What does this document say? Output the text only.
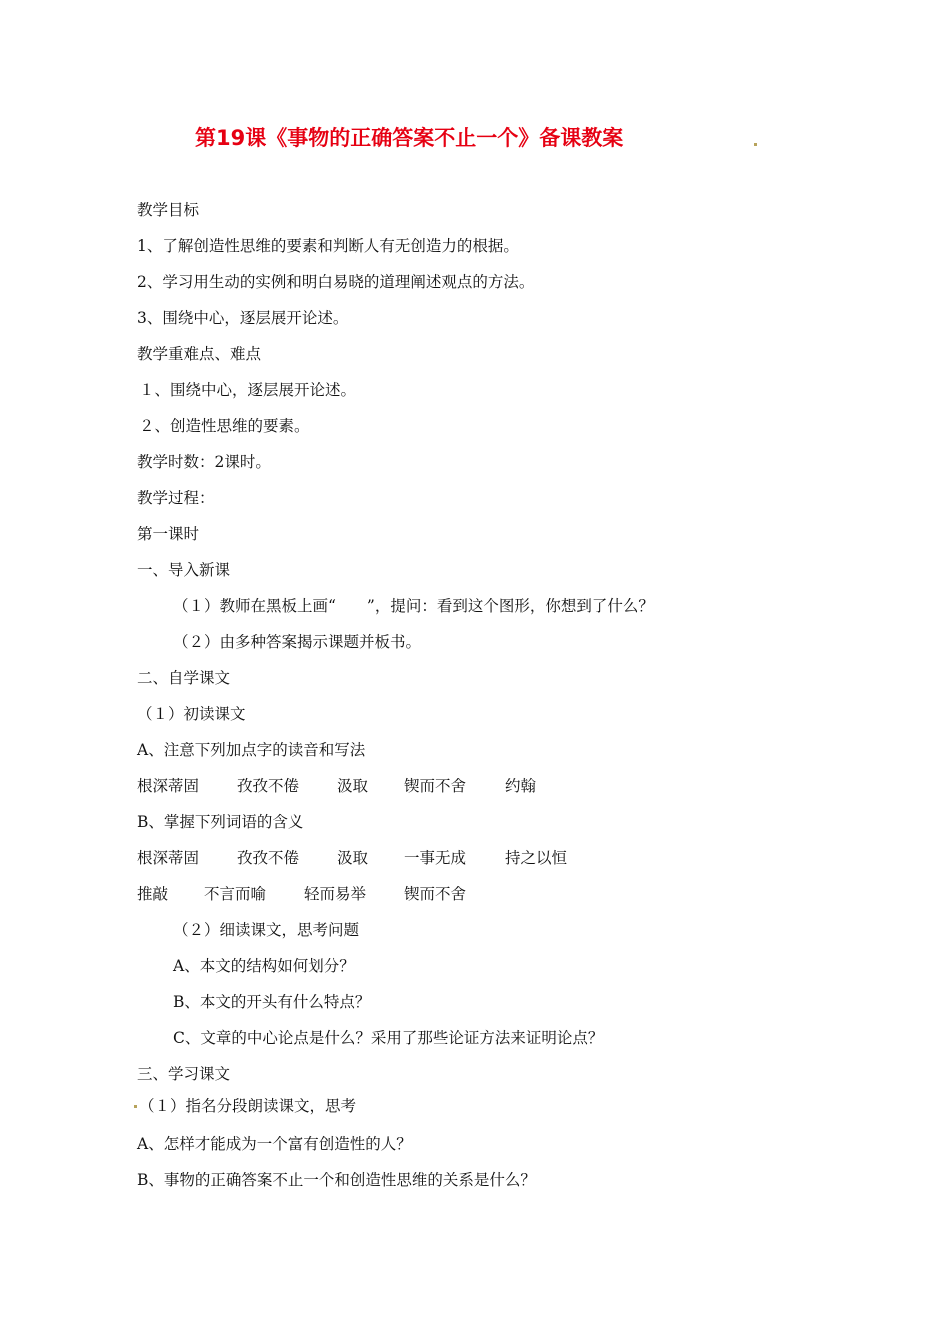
第19课《事物的正确答案不止一个》备课教案
教学目标
1、了解创造性思维的要素和判断人有无创造力的根据。
2、学习用生动的实例和明白易晓的道理阐述观点的方法。
3、围绕中心，逐层展开论述。
教学重难点、难点
１、围绕中心，逐层展开论述。
２、创造性思维的要素。
教学时数：2课时。
教学过程：
第一课时
一、导入新课
（１）教师在黑板上画“　　”，提问：看到这个图形，你想到了什么？
（２）由多种答案揭示课题并板书。
二、自学课文
（１）初读课文
A、注意下列加点字的读音和写法
根深蒂固 孜孜不倦 汲取 锲而不舍	约翰
B、掌握下列词语的含义
根深蒂固 孜孜不倦 汲取 一事无成	持之以恒
推敲 不言而喻 轻而易举 锲而不舍
（２）细读课文，思考问题
A、本文的结构如何划分？
B、本文的开头有什么特点？
C、文章的中心论点是什么？采用了那些论证方法来证明论点？
三、学习课文
（１）指名分段朗读课文，思考
A、怎样才能成为一个富有创造性的人？
B、事物的正确答案不止一个和创造性思维的关系是什么？
